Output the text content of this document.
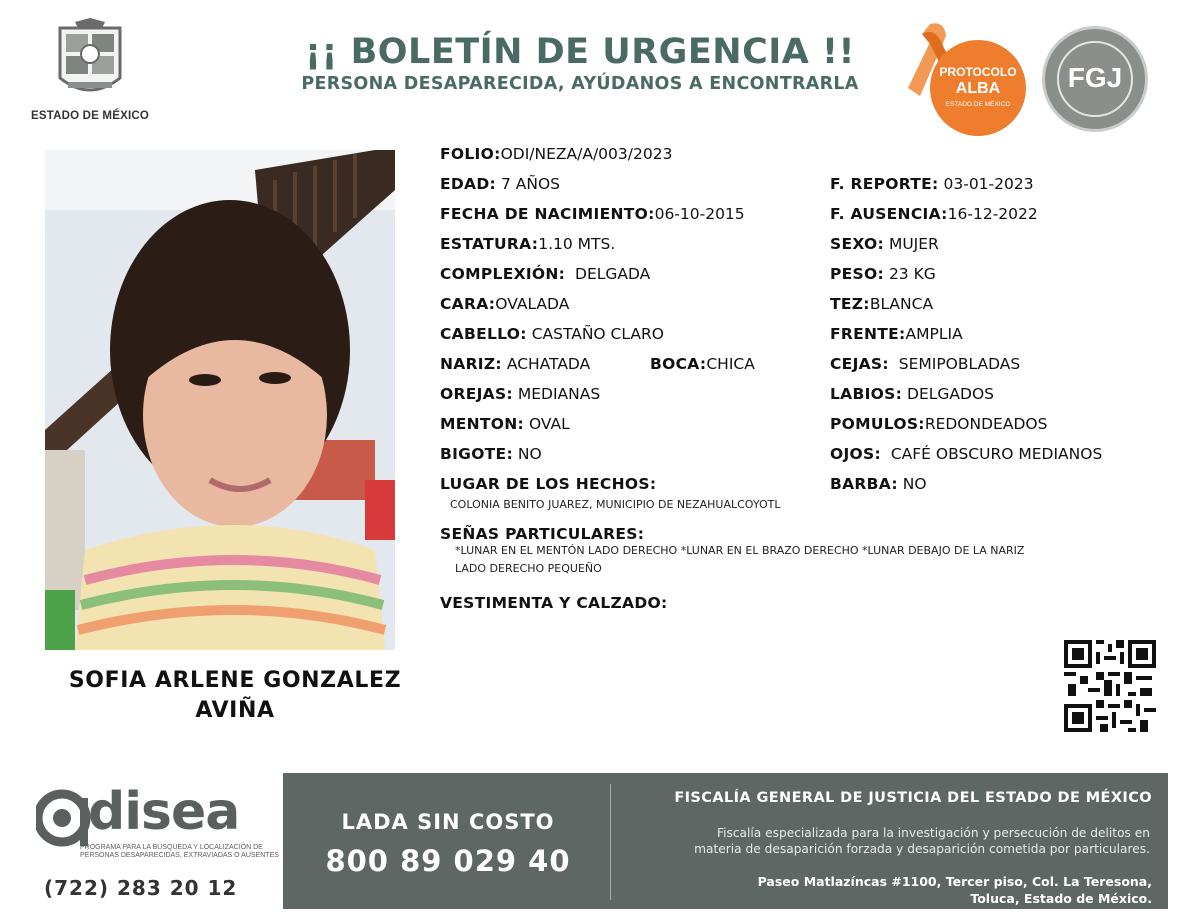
ESTADO DE MÉXICO
¡¡ BOLETÍN DE URGENCIA !!
PERSONA DESAPARECIDA, AYÚDANOS A ENCONTRARLA
PROTOCOLO
ALBA
ESTADO DE MÉXICO
FGJ
SOFIA ARLENE GONZALEZ
AVIÑA
FOLIO:ODI/NEZA/A/003/2023
EDAD: 7 AÑOS
FECHA DE NACIMIENTO:06-10-2015
ESTATURA:1.10 MTS.
COMPLEXIÓN: DELGADA
CARA:OVALADA
CABELLO: CASTAÑO CLARO
NARIZ: ACHATADA	BOCA:CHICA
OREJAS: MEDIANAS
MENTON: OVAL
BIGOTE: NO
LUGAR DE LOS HECHOS:
COLONIA BENITO JUAREZ, MUNICIPIO DE NEZAHUALCOYOTL
SEÑAS PARTICULARES:
*LUNAR EN EL MENTÓN LADO DERECHO *LUNAR EN EL BRAZO DERECHO *LUNAR DEBAJO DE LA NARIZ
LADO DERECHO PEQUEÑO
VESTIMENTA Y CALZADO:
F. REPORTE: 03-01-2023
F. AUSENCIA:16-12-2022
SEXO: MUJER
PESO: 23 KG
TEZ:BLANCA
FRENTE:AMPLIA
CEJAS: SEMIPOBLADAS
LABIOS: DELGADOS
POMULOS:REDONDEADOS
OJOS: CAFÉ OBSCURO MEDIANOS
BARBA: NO
disea
PROGRAMA PARA LA BÚSQUEDA Y LOCALIZACIÓN DE PERSONAS DESAPARECIDAS, EXTRAVIADAS O AUSENTES
(722) 283 20 12
LADA SIN COSTO
800 89 029 40
FISCALÍA GENERAL DE JUSTICIA DEL ESTADO DE MÉXICO
Fiscalía especializada para la investigación y persecución de delitos en
materia de desaparición forzada y desaparición cometida por particulares.
Paseo Matlazíncas #1100, Tercer piso, Col. La Teresona,
Toluca, Estado de México.
